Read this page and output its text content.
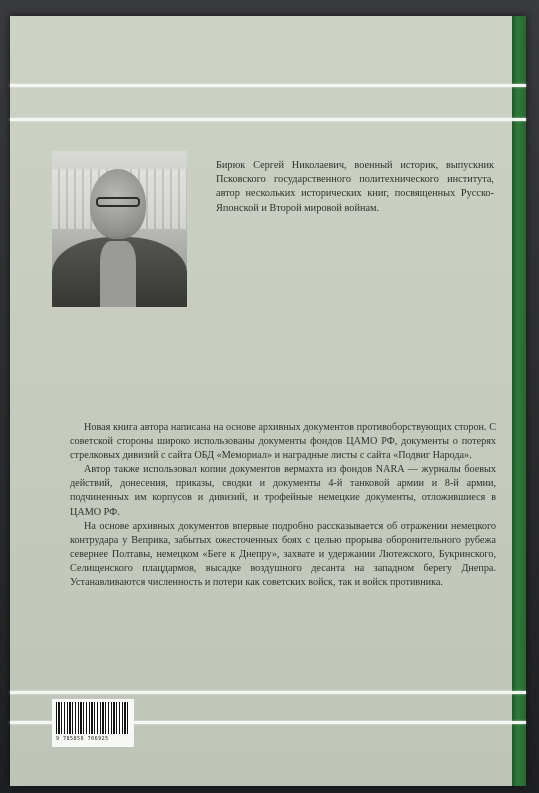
Бирюк Сергей Николаевич, военный историк, выпускник Псковского государственного политехнического института, автор нескольких исторических книг, посвященных Русско-Японской и Второй мировой войнам.

Новая книга автора написана на основе архивных документов противоборствующих сторон. С советской стороны широко использованы документы фондов ЦАМО РФ, документы о потерях стрелковых дивизий с сайта ОБД «Мемориал» и наградные листы с сайта «Подвиг Народа».

Автор также использовал копии документов вермахта из фондов NARA — журналы боевых действий, донесения, приказы, сводки и документы 4-й танковой армии и 8-й армии, подчиненных им корпусов и дивизий, и трофейные немецкие документы, отложившиеся в ЦАМО РФ.

На основе архивных документов впервые подробно рассказывается об отражении немецкого контрудара у Веприка, забытых ожесточенных боях с целью прорыва оборонительного рубежа севернее Полтавы, немецком «Беге к Днепру», захвате и удержании Лютежского, Букринского, Селищенского плацдармов, высадке воздушного десанта на западном берегу Днепра. Устанавливаются численность и потери как советских войск, так и войск противника.

9 785856 706925
